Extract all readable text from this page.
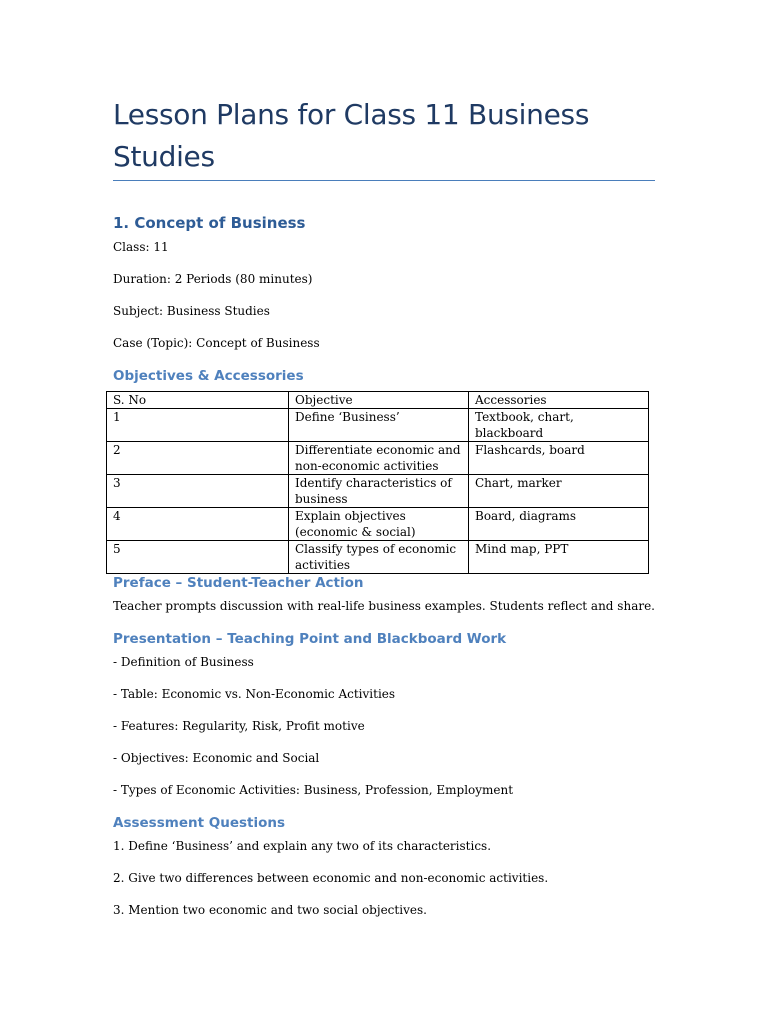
Lesson Plans for Class 11 Business Studies
1. Concept of Business
Class: 11
Duration: 2 Periods (80 minutes)
Subject: Business Studies
Case (Topic): Concept of Business
Objectives & Accessories
S. No	Objective	Accessories
1	Define ‘Business’	Textbook, chart, blackboard
2	Differentiate economic and non-economic activities	Flashcards, board
3	Identify characteristics of business	Chart, marker
4	Explain objectives (economic & social)	Board, diagrams
5	Classify types of economic activities	Mind map, PPT
Preface – Student-Teacher Action
Teacher prompts discussion with real-life business examples. Students reflect and share.
Presentation – Teaching Point and Blackboard Work
- Definition of Business
- Table: Economic vs. Non-Economic Activities
- Features: Regularity, Risk, Profit motive
- Objectives: Economic and Social
- Types of Economic Activities: Business, Profession, Employment
Assessment Questions
1. Define ‘Business’ and explain any two of its characteristics.
2. Give two differences between economic and non-economic activities.
3. Mention two economic and two social objectives.
